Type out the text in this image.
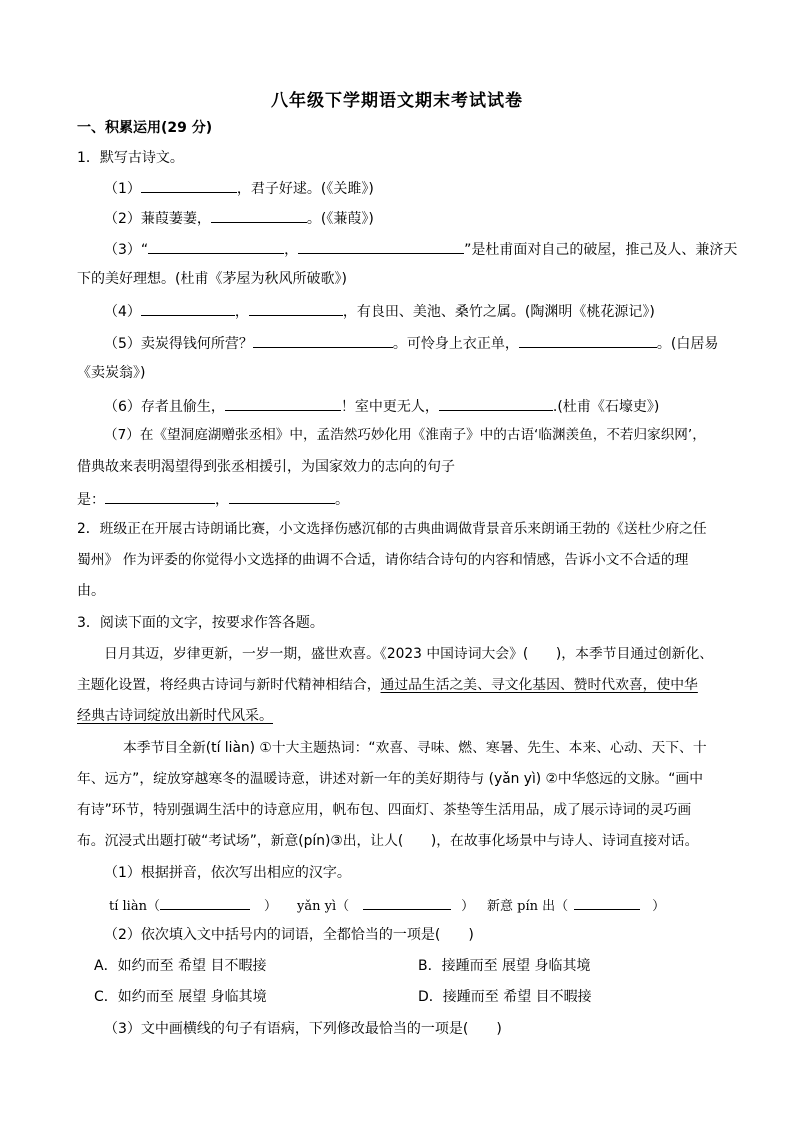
八年级下学期语文期末考试试卷
一、积累运用(29 分)
1．默写古诗文。
（1）	，君子好逑。(《关雎》)
（2）蒹葭萋萋，	。(《蒹葭》)
（3）“	，	”是杜甫面对自己的破屋，推己及人、兼济天
下的美好理想。(杜甫《茅屋为秋风所破歌》)
（4）	，	，有良田、美池、桑竹之属。(陶渊明《桃花源记》)
（5）卖炭得钱何所营？	。可怜身上衣正单，	。(白居易
《卖炭翁》)
（6）存者且偷生，	！室中更无人，	.(杜甫《石壕吏》)
（7）在《望洞庭湖赠张丞相》中，孟浩然巧妙化用《淮南子》中的古语‘临渊羡鱼，不若归家织网’，
借典故来表明渴望得到张丞相援引，为国家效力的志向的句子
是：	，	。
2．班级正在开展古诗朗诵比赛，小文选择伤感沉郁的古典曲调做背景音乐来朗诵王勃的《送杜少府之任
蜀州》 作为评委的你觉得小文选择的曲调不合适，请你结合诗句的内容和情感，告诉小文不合适的理
由。
3．阅读下面的文字，按要求作答各题。
日月其迈，岁律更新，一岁一期，盛世欢喜。《2023 中国诗词大会》(　　)，本季节目通过创新化、
主题化设置，将经典古诗词与新时代精神相结合，通过品生活之美、寻文化基因、赞时代欢喜，使中华
经典古诗词绽放出新时代风采。
本季节目全新(tí liàn) ①十大主题热词：“欢喜、寻味、燃、寒暑、先生、本来、心动、天下、十
年、远方”，绽放穿越寒冬的温暖诗意，讲述对新一年的美好期待与 (yǎn yì) ②中华悠远的文脉。“画中
有诗”环节，特别强调生活中的诗意应用，帆布包、四面灯、茶垫等生活用品，成了展示诗词的灵巧画
布。沉浸式出题打破“考试场”，新意(pín)③出，让人(　　)，在故事化场景中与诗人、诗词直接对话。
（1）根据拼音，依次写出相应的汉字。
tí liàn（	） yǎn yì（	） 新意 pín 出（	）
（2）依次填入文中括号内的词语，全都恰当的一项是(　　)
A．如约而至 希望 目不暇接	B．接踵而至 展望 身临其境
C．如约而至 展望 身临其境	D．接踵而至 希望 目不暇接
（3）文中画横线的句子有语病，下列修改最恰当的一项是(　　)
